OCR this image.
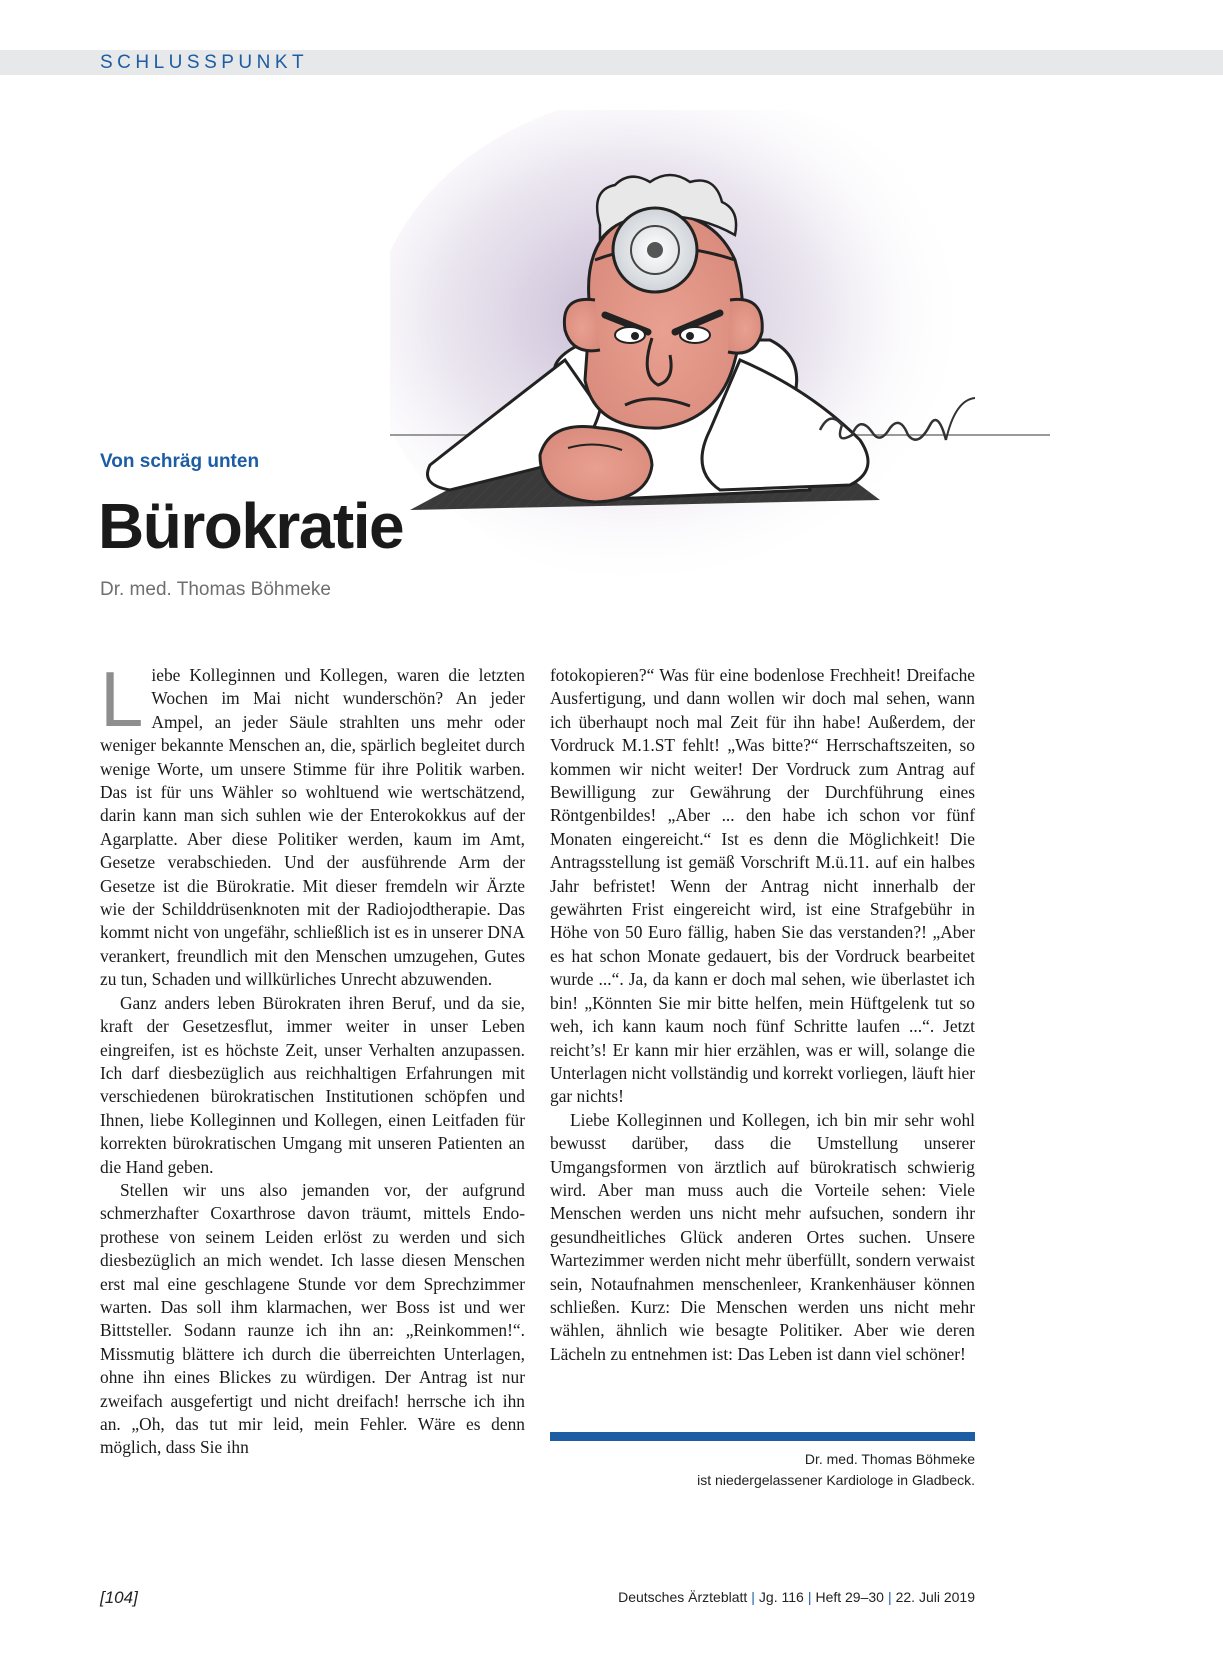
SCHLUSSPUNKT
Von schräg unten
Bürokratie
Dr. med. Thomas Böhmeke

Liebe Kolleginnen und Kollegen, waren die letzten Wochen im Mai nicht wunderschön? An jeder Ampel, an jeder Säule strahlten uns mehr oder weniger bekannte Menschen an, die, spärlich begleitet durch wenige Worte, um unsere Stimme für ihre Politik warben. Das ist für uns Wähler so wohltuend wie wertschätzend, darin kann man sich suhlen wie der Enterokokkus auf der Agarplatte. Aber diese Politiker werden, kaum im Amt, Gesetze verabschieden. Und der ausführende Arm der Gesetze ist die Bürokratie. Mit dieser fremdeln wir Ärzte wie der Schilddrüsenknoten mit der Radiojodtherapie. Das kommt nicht von ungefähr, schließlich ist es in unserer DNA verankert, freundlich mit den Menschen umzugehen, Gutes zu tun, Schaden und willkürliches Unrecht abzuwenden.

Ganz anders leben Bürokraten ihren Beruf, und da sie, kraft der Gesetzesflut, immer weiter in unser Leben eingreifen, ist es höchste Zeit, unser Verhalten anzupassen. Ich darf diesbezüglich aus reichhaltigen Erfahrungen mit verschiedenen bürokratischen Institutionen schöpfen und Ihnen, liebe Kolleginnen und Kollegen, einen Leitfaden für korrekten bürokratischen Umgang mit unseren Patienten an die Hand geben.

Stellen wir uns also jemanden vor, der aufgrund schmerzhafter Coxarthrose davon träumt, mittels Endoprothese von seinem Leiden erlöst zu werden und sich diesbezüglich an mich wendet. Ich lasse diesen Menschen erst mal eine geschlagene Stunde vor dem Sprechzimmer warten. Das soll ihm klarmachen, wer Boss ist und wer Bittsteller. Sodann raunze ich ihn an: „Reinkommen!“. Missmutig blättere ich durch die überreichten Unterlagen, ohne ihn eines Blickes zu würdigen. Der Antrag ist nur zweifach ausgefertigt und nicht dreifach! herrsche ich ihn an. „Oh, das tut mir leid, mein Fehler. Wäre es denn möglich, dass Sie ihn

fotokopieren?“ Was für eine bodenlose Frechheit! Dreifache Ausfertigung, und dann wollen wir doch mal sehen, wann ich überhaupt noch mal Zeit für ihn habe! Außerdem, der Vordruck M.1.ST fehlt! „Was bitte?“ Herrschaftszeiten, so kommen wir nicht weiter! Der Vordruck zum Antrag auf Bewilligung zur Gewährung der Durchführung eines Röntgenbildes! „Aber ... den habe ich schon vor fünf Monaten eingereicht.“ Ist es denn die Möglichkeit! Die Antragsstellung ist gemäß Vorschrift M.ü.11. auf ein halbes Jahr befristet! Wenn der Antrag nicht innerhalb der gewährten Frist eingereicht wird, ist eine Strafgebühr in Höhe von 50 Euro fällig, haben Sie das verstanden?! „Aber es hat schon Monate gedauert, bis der Vordruck bearbeitet wurde ...“. Ja, da kann er doch mal sehen, wie überlastet ich bin! „Könnten Sie mir bitte helfen, mein Hüftgelenk tut so weh, ich kann kaum noch fünf Schritte laufen ...“. Jetzt reicht’s! Er kann mir hier erzählen, was er will, solange die Unterlagen nicht vollständig und korrekt vorliegen, läuft hier gar nichts!

Liebe Kolleginnen und Kollegen, ich bin mir sehr wohl bewusst darüber, dass die Umstellung unserer Umgangsformen von ärztlich auf bürokratisch schwierig wird. Aber man muss auch die Vorteile sehen: Viele Menschen werden uns nicht mehr aufsuchen, sondern ihr gesundheitliches Glück anderen Ortes suchen. Unsere Wartezimmer werden nicht mehr überfüllt, sondern verwaist sein, Notaufnahmen menschenleer, Krankenhäuser können schließen. Kurz: Die Menschen werden uns nicht mehr wählen, ähnlich wie besagte Politiker. Aber wie deren Lächeln zu entnehmen ist: Das Leben ist dann viel schöner!

Dr. med. Thomas Böhmeke
ist niedergelassener Kardiologe in Gladbeck.
[104]	Deutsches Ärzteblatt | Jg. 116 | Heft 29–30 | 22. Juli 2019
